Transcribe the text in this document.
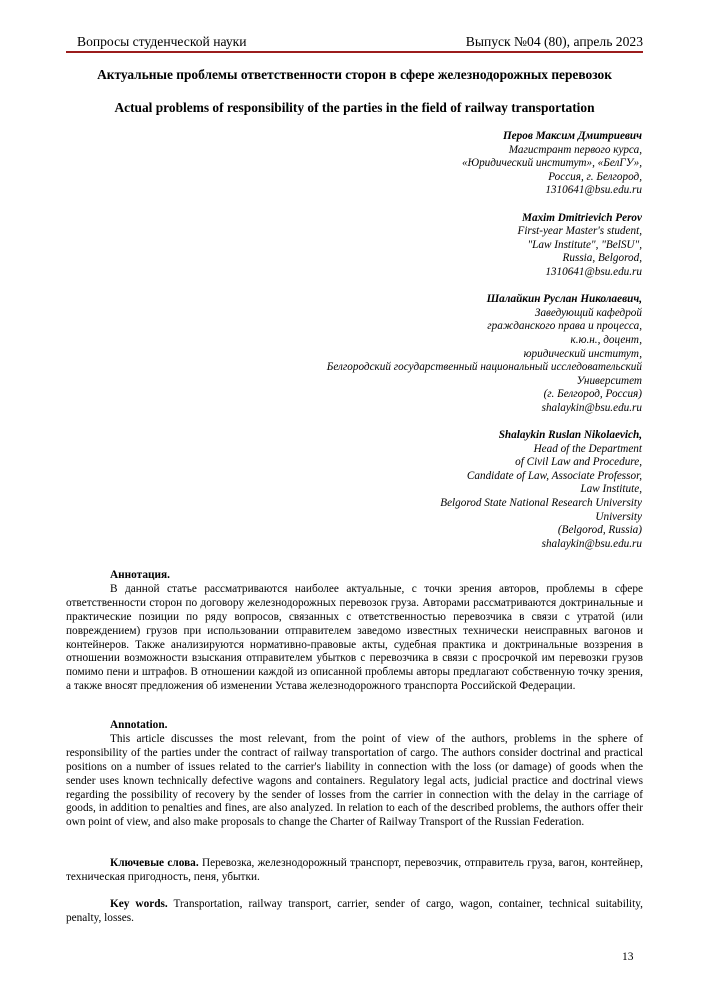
Вопросы студенческой науки	Выпуск №04 (80), апрель 2023
Актуальные проблемы ответственности сторон в сфере железнодорожных перевозок
Actual problems of responsibility of the parties in the field of railway transportation
Перов Максим Дмитриевич
Магистрант первого курса,
«Юридический институт», «БелГУ»,
Россия, г. Белгород,
1310641@bsu.edu.ru
Maxim Dmitrievich Perov
First-year Master's student,
"Law Institute", "BelSU",
Russia, Belgorod,
1310641@bsu.edu.ru
Шалайкин Руслан Николаевич,
Заведующий кафедрой
гражданского права и процесса,
к.ю.н., доцент,
юридический институт,
Белгородский государственный национальный исследовательский
Университет
(г. Белгород, Россия)
shalaykin@bsu.edu.ru
Shalaykin Ruslan Nikolaevich,
Head of the Department
of Civil Law and Procedure,
Candidate of Law, Associate Professor,
Law Institute,
Belgorod State National Research University
University
(Belgorod, Russia)
shalaykin@bsu.edu.ru
Аннотация.
В данной статье рассматриваются наиболее актуальные, с точки зрения авторов, проблемы в сфере ответственности сторон по договору железнодорожных перевозок груза. Авторами рассматриваются доктринальные и практические позиции по ряду вопросов, связанных с ответственностью перевозчика в связи с утратой (или повреждением) грузов при использовании отправителем заведомо известных технически неисправных вагонов и контейнеров. Также анализируются нормативно-правовые акты, судебная практика и доктринальные воззрения в отношении возможности взыскания отправителем убытков с перевозчика в связи с просрочкой им перевозки грузов помимо пени и штрафов. В отношении каждой из описанной проблемы авторы предлагают собственную точку зрения, а также вносят предложения об изменении Устава железнодорожного транспорта Российской Федерации.
Annotation.
This article discusses the most relevant, from the point of view of the authors, problems in the sphere of responsibility of the parties under the contract of railway transportation of cargo. The authors consider doctrinal and practical positions on a number of issues related to the carrier's liability in connection with the loss (or damage) of goods when the sender uses known technically defective wagons and containers. Regulatory legal acts, judicial practice and doctrinal views regarding the possibility of recovery by the sender of losses from the carrier in connection with the delay in the carriage of goods, in addition to penalties and fines, are also analyzed. In relation to each of the described problems, the authors offer their own point of view, and also make proposals to change the Charter of Railway Transport of the Russian Federation.
Ключевые слова. Перевозка, железнодорожный транспорт, перевозчик, отправитель груза, вагон, контейнер, техническая пригодность, пеня, убытки.
Key words. Transportation, railway transport, carrier, sender of cargo, wagon, container, technical suitability, penalty, losses.
13
